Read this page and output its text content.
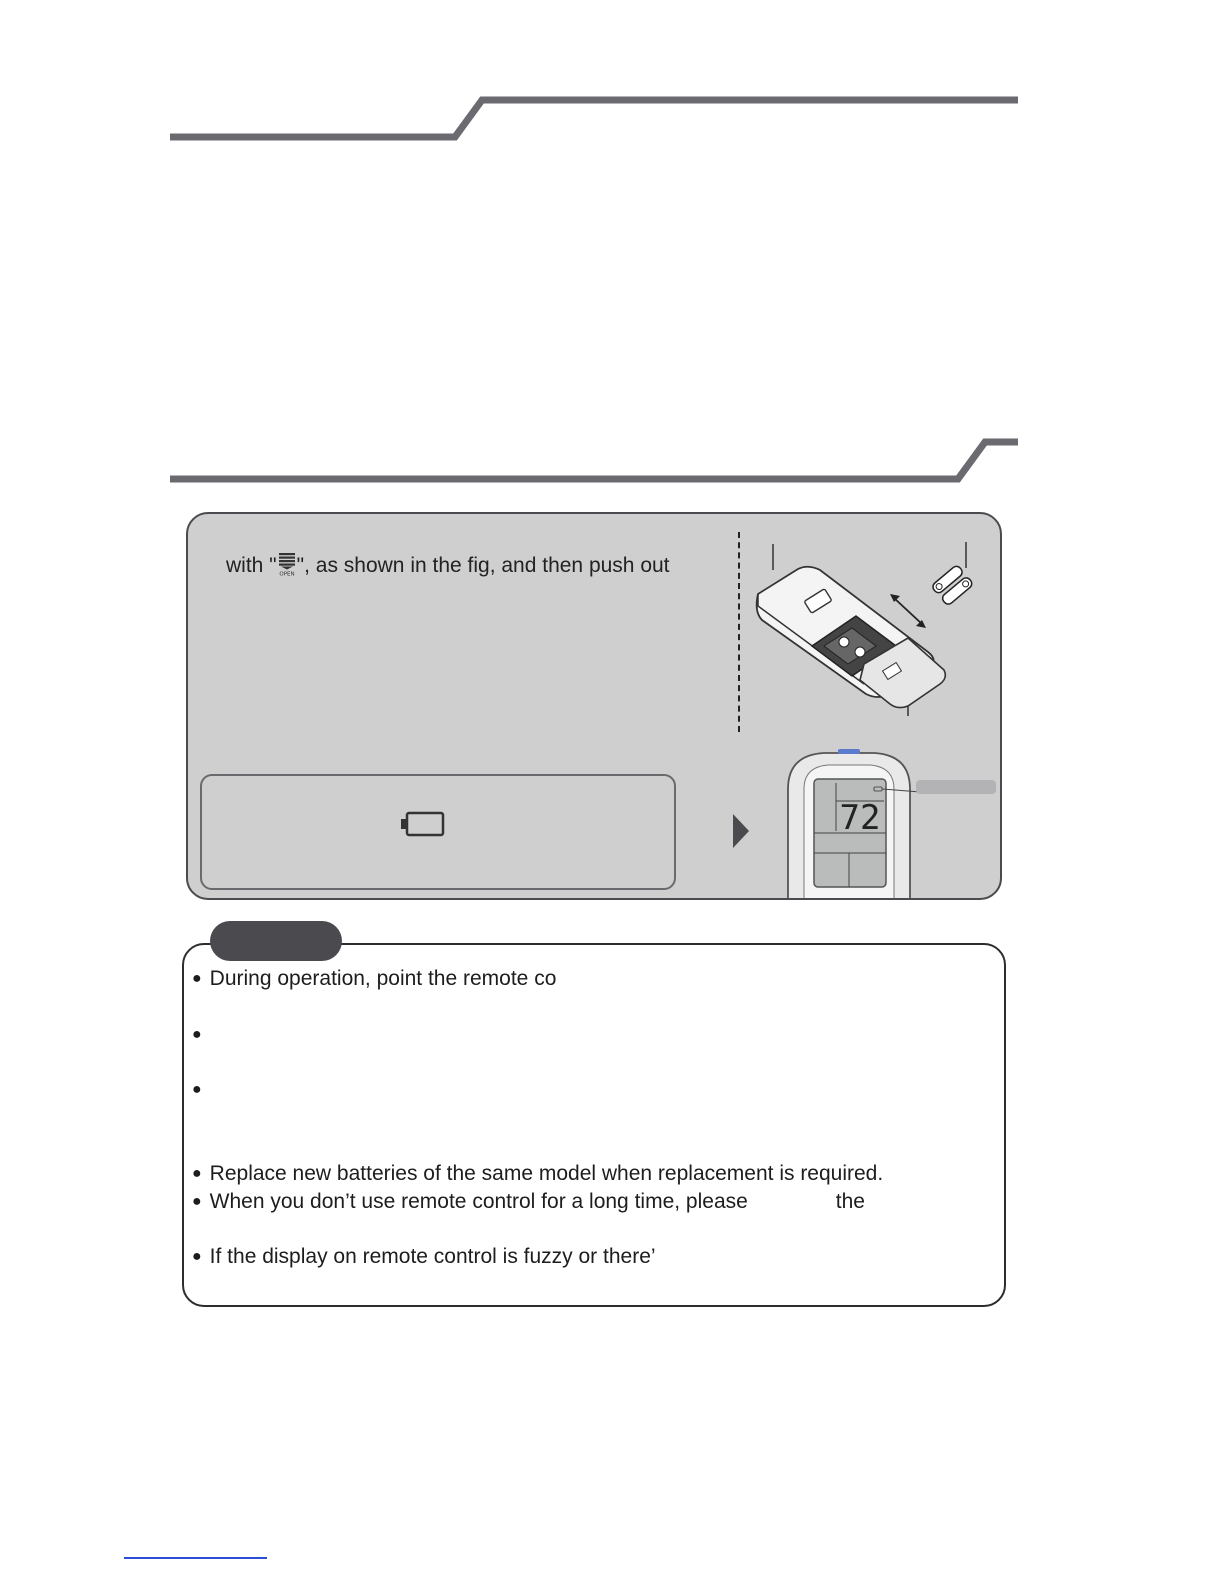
with " OPEN ", as shown in the fig, and then push out
72
● During operation, point the remote co
●
●
● Replace new batteries of the same model when replacement is required.
● When you don’t use remote control for a long time, please	the
● If the display on remote control is fuzzy or there’
